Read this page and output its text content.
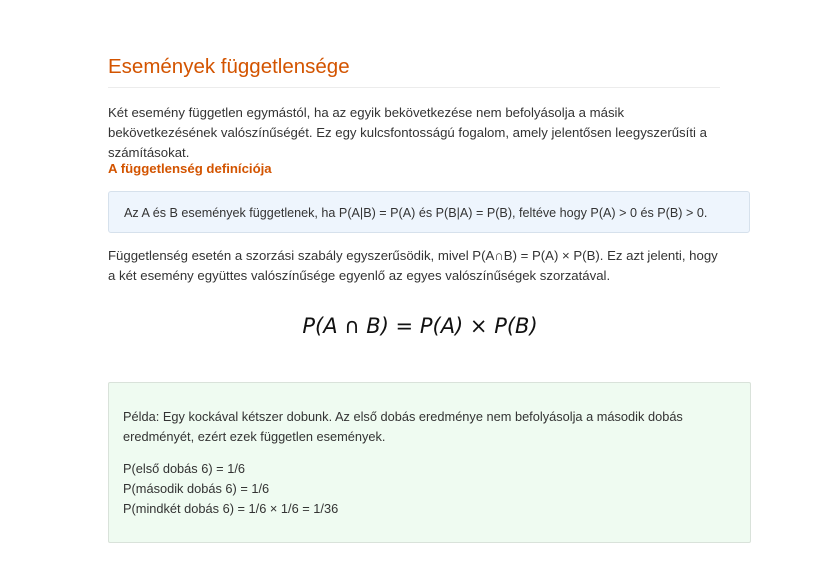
Események függetlensége

Két esemény független egymástól, ha az egyik bekövetkezése nem befolyásolja a másik bekövetkezésének valószínűségét. Ez egy kulcsfontosságú fogalom, amely jelentősen leegyszerűsíti a számításokat.

A függetlenség definíciója

Az A és B események függetlenek, ha P(A|B) = P(A) és P(B|A) = P(B), feltéve hogy P(A) > 0 és P(B) > 0.

Függetlenség esetén a szorzási szabály egyszerűsödik, mivel P(A∩B) = P(A) × P(B). Ez azt jelenti, hogy a két esemény együttes valószínűsége egyenlő az egyes valószínűségek szorzatával.

P(A ∩ B) = P(A) × P(B)

Példa: Egy kockával kétszer dobunk. Az első dobás eredménye nem befolyásolja a második dobás eredményét, ezért ezek független események.

P(első dobás 6) = 1/6

P(második dobás 6) = 1/6

P(mindkét dobás 6) = 1/6 × 1/6 = 1/36
